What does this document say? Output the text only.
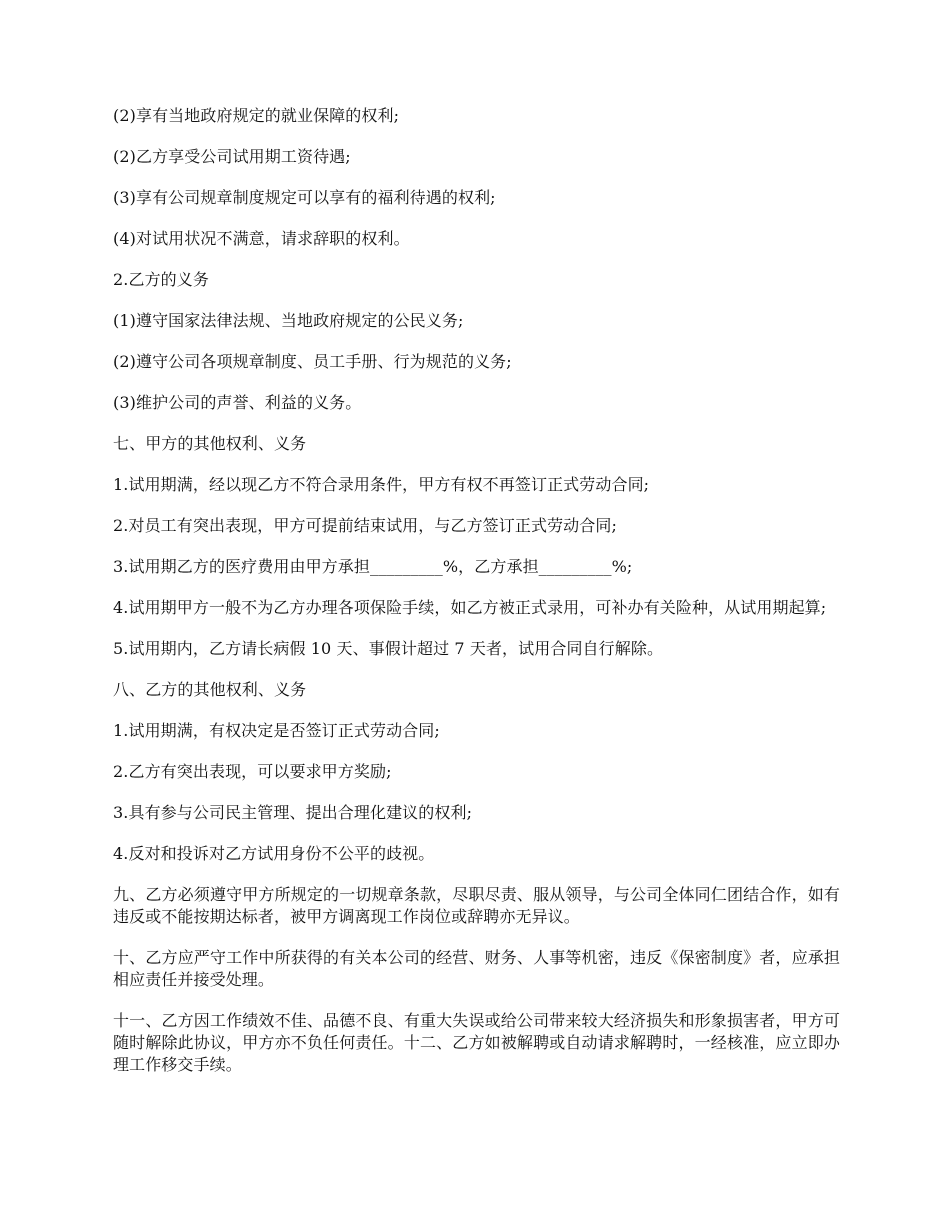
(2)享有当地政府规定的就业保障的权利;

(2)乙方享受公司试用期工资待遇;

(3)享有公司规章制度规定可以享有的福利待遇的权利;

(4)对试用状况不满意，请求辞职的权利。

2.乙方的义务

(1)遵守国家法律法规、当地政府规定的公民义务;

(2)遵守公司各项规章制度、员工手册、行为规范的义务;

(3)维护公司的声誉、利益的义务。

七、甲方的其他权利、义务

1.试用期满，经以现乙方不符合录用条件，甲方有权不再签订正式劳动合同;

2.对员工有突出表现，甲方可提前结束试用，与乙方签订正式劳动合同;

3.试用期乙方的医疗费用由甲方承担_________%，乙方承担_________%;

4.试用期甲方一般不为乙方办理各项保险手续，如乙方被正式录用，可补办有关险种，从试用期起算;

5.试用期内，乙方请长病假 10 天、事假计超过 7 天者，试用合同自行解除。

八、乙方的其他权利、义务

1.试用期满，有权决定是否签订正式劳动合同;

2.乙方有突出表现，可以要求甲方奖励;

3.具有参与公司民主管理、提出合理化建议的权利;

4.反对和投诉对乙方试用身份不公平的歧视。

九、乙方必须遵守甲方所规定的一切规章条款，尽职尽责、服从领导，与公司全体同仁团结合作，如有违反或不能按期达标者，被甲方调离现工作岗位或辞聘亦无异议。

十、乙方应严守工作中所获得的有关本公司的经营、财务、人事等机密，违反《保密制度》者，应承担相应责任并接受处理。

十一、乙方因工作绩效不佳、品德不良、有重大失误或给公司带来较大经济损失和形象损害者，甲方可随时解除此协议，甲方亦不负任何责任。十二、乙方如被解聘或自动请求解聘时，一经核准，应立即办理工作移交手续。
